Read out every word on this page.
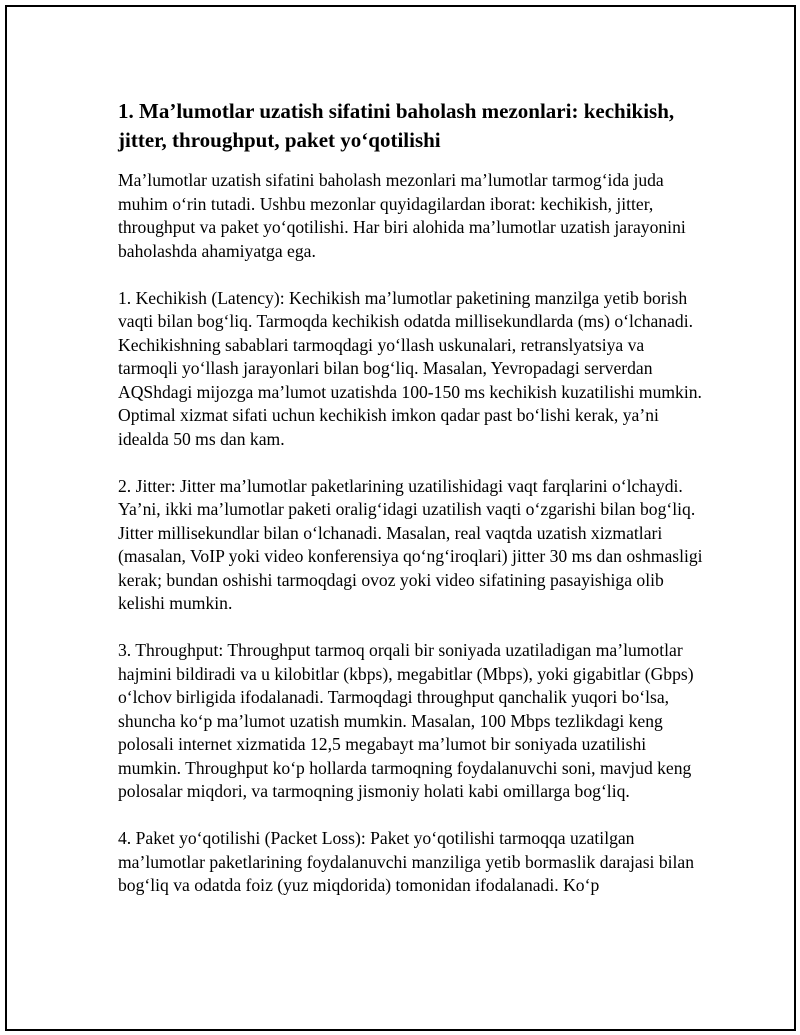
1. Ma’lumotlar uzatish sifatini baholash mezonlari: kechikish, jitter, throughput, paket yo‘qotilishi

Ma’lumotlar uzatish sifatini baholash mezonlari ma’lumotlar tarmog‘ida juda muhim o‘rin tutadi. Ushbu mezonlar quyidagilardan iborat: kechikish, jitter, throughput va paket yo‘qotilishi. Har biri alohida ma’lumotlar uzatish jarayonini baholashda ahamiyatga ega.

1. Kechikish (Latency): Kechikish ma’lumotlar paketining manzilga yetib borish vaqti bilan bog‘liq. Tarmoqda kechikish odatda millisekundlarda (ms) o‘lchanadi. Kechikishning sabablari tarmoqdagi yo‘llash uskunalari, retranslyatsiya va tarmoqli yo‘llash jarayonlari bilan bog‘liq. Masalan, Yevropadagi serverdan AQShdagi mijozga ma’lumot uzatishda 100-150 ms kechikish kuzatilishi mumkin. Optimal xizmat sifati uchun kechikish imkon qadar past bo‘lishi kerak, ya’ni idealda 50 ms dan kam.

2. Jitter: Jitter ma’lumotlar paketlarining uzatilishidagi vaqt farqlarini o‘lchaydi. Ya’ni, ikki ma’lumotlar paketi oralig‘idagi uzatilish vaqti o‘zgarishi bilan bog‘liq. Jitter millisekundlar bilan o‘lchanadi. Masalan, real vaqtda uzatish xizmatlari (masalan, VoIP yoki video konferensiya qo‘ng‘iroqlari) jitter 30 ms dan oshmasligi kerak; bundan oshishi tarmoqdagi ovoz yoki video sifatining pasayishiga olib kelishi mumkin.

3. Throughput: Throughput tarmoq orqali bir soniyada uzatiladigan ma’lumotlar hajmini bildiradi va u kilobitlar (kbps), megabitlar (Mbps), yoki gigabitlar (Gbps) o‘lchov birligida ifodalanadi. Tarmoqdagi throughput qanchalik yuqori bo‘lsa, shuncha ko‘p ma’lumot uzatish mumkin. Masalan, 100 Mbps tezlikdagi keng polosali internet xizmatida 12,5 megabayt ma’lumot bir soniyada uzatilishi mumkin. Throughput ko‘p hollarda tarmoqning foydalanuvchi soni, mavjud keng polosalar miqdori, va tarmoqning jismoniy holati kabi omillarga bog‘liq.

4. Paket yo‘qotilishi (Packet Loss): Paket yo‘qotilishi tarmoqqa uzatilgan ma’lumotlar paketlarining foydalanuvchi manziliga yetib bormaslik darajasi bilan bog‘liq va odatda foiz (yuz miqdorida) tomonidan ifodalanadi. Ko‘p
